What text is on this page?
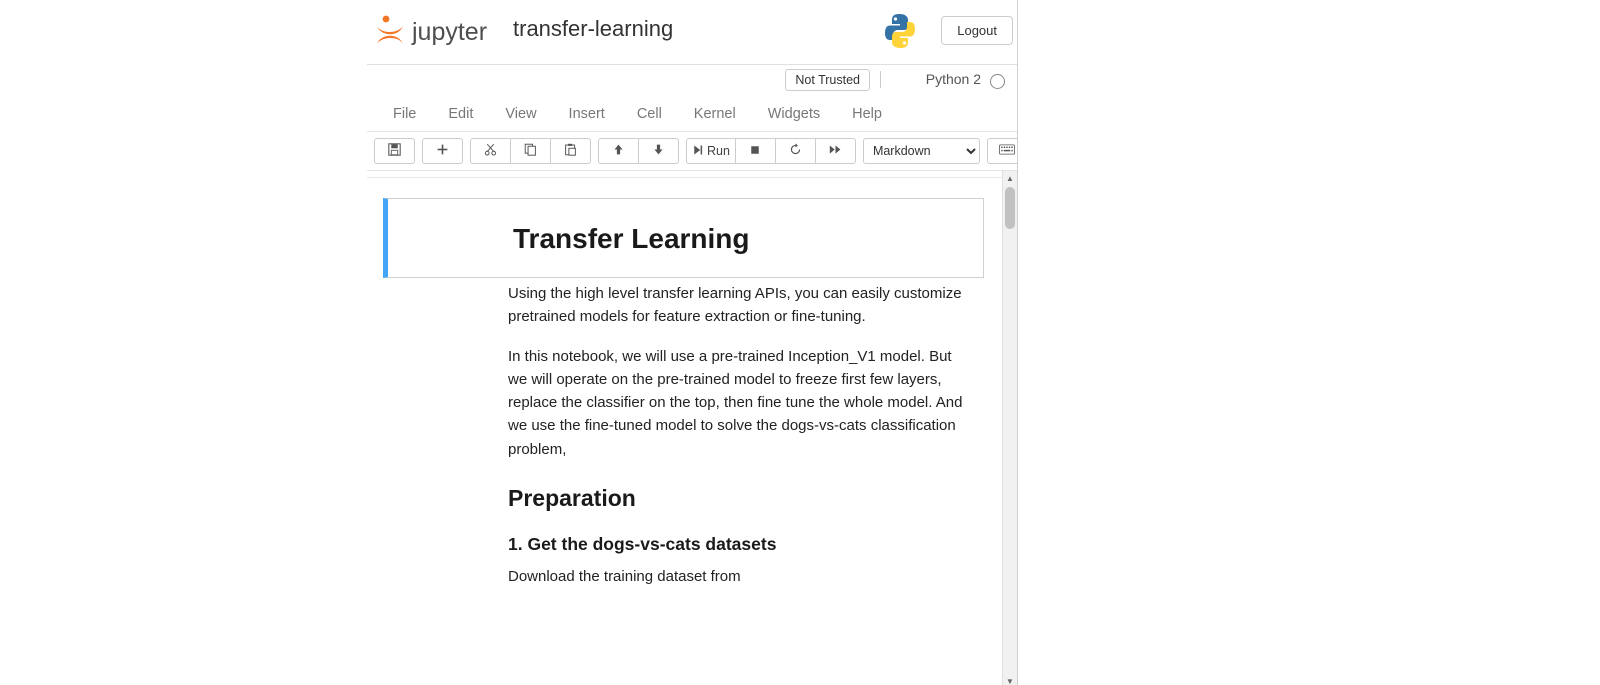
jupyter transfer-learning	Logout
Not Trusted	Python 2
File	Edit	View	Insert	Cell	Kernel	Widgets	Help
Run
Markdown
▲
▼
Transfer Learning

Using the high level transfer learning APIs, you can easily customize pretrained models for feature extraction or fine-tuning.

In this notebook, we will use a pre-trained Inception_V1 model. But we will operate on the pre-trained model to freeze first few layers, replace the classifier on the top, then fine tune the whole model. And we use the fine-tuned model to solve the dogs-vs-cats classification problem,

Preparation
1. Get the dogs-vs-cats datasets

Download the training dataset from
